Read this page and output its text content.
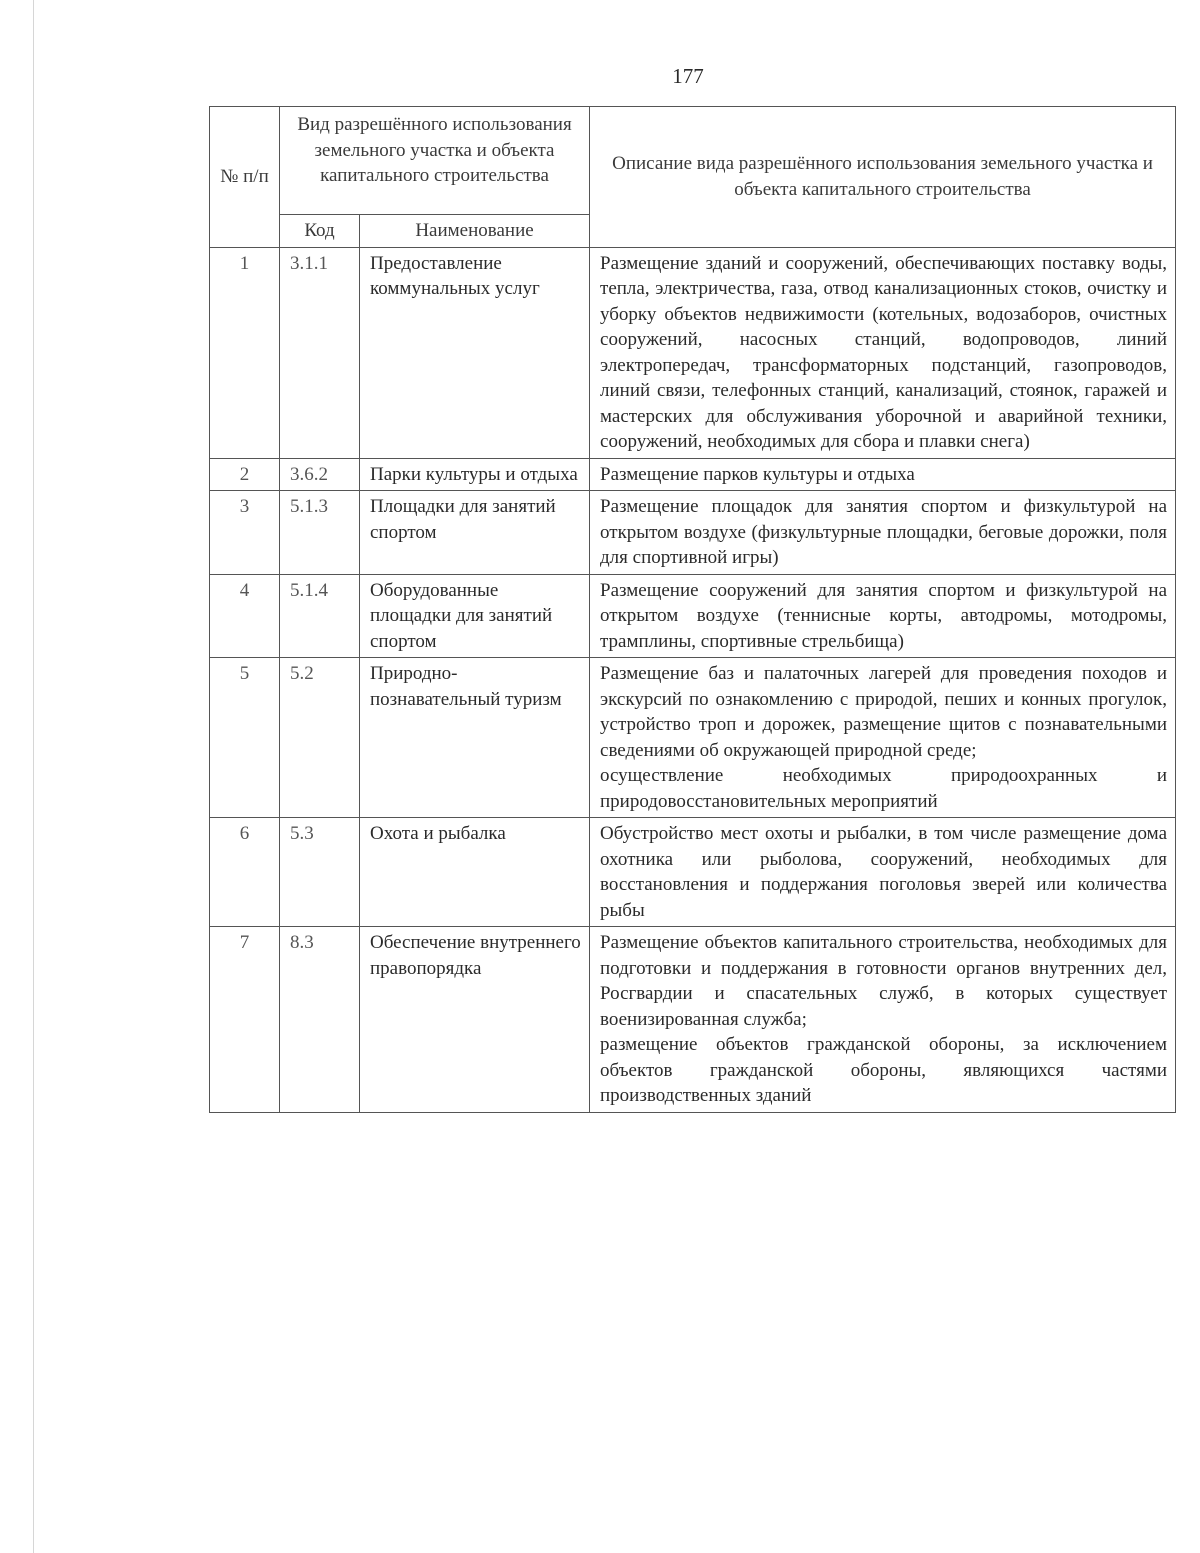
177
№ п/п	Вид разрешённого использования земельного участка и объекта капитального строительства		Описание вида разрешённого использования земельного участка и объекта капитального строительства
	Код	Наименование	
1	3.1.1	Предоставление коммунальных услуг	Размещение зданий и сооружений, обеспечивающих поставку воды, тепла, электричества, газа, отвод канализационных стоков, очистку и уборку объектов недвижимости (котельных, водозаборов, очистных сооружений, насосных станций, водопроводов, линий электропередач, трансформаторных подстанций, газопроводов, линий связи, телефонных станций, канализаций, стоянок, гаражей и мастерских для обслуживания уборочной и аварийной техники, сооружений, необходимых для сбора и плавки снега)

2	3.6.2	Парки культуры и отдыха	Размещение парков культуры и отдыха

3	5.1.3	Площадки для занятий спортом	Размещение площадок для занятия спортом и физкультурой на открытом воздухе (физкультурные площадки, беговые дорожки, поля для спортивной игры)

4	5.1.4	Оборудованные площадки для занятий спортом	Размещение сооружений для занятия спортом и физкультурой на открытом воздухе (теннисные корты, автодромы, мотодромы, трамплины, спортивные стрельбища)

5	5.2	Природно-познавательный туризм	Размещение баз и палаточных лагерей для проведения походов и экскурсий по ознакомлению с природой, пеших и конных прогулок, устройство троп и дорожек, размещение щитов с познавательными сведениями об окружающей природной среде;
осуществление необходимых природоохранных и природовосстановительных мероприятий

6	5.3	Охота и рыбалка	Обустройство мест охоты и рыбалки, в том числе размещение дома охотника или рыболова, сооружений, необходимых для восстановления и поддержания поголовья зверей или количества рыбы

7	8.3	Обеспечение внутреннего правопорядка	Размещение объектов капитального строительства, необходимых для подготовки и поддержания в готовности органов внутренних дел, Росгвардии и спасательных служб, в которых существует военизированная служба;
размещение объектов гражданской обороны, за исключением объектов гражданской обороны, являющихся частями производственных зданий
